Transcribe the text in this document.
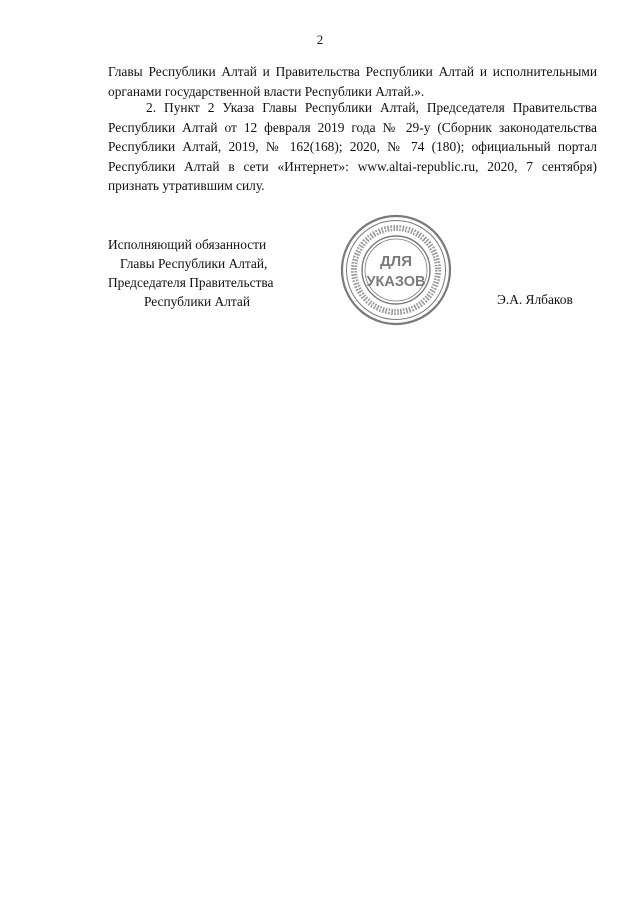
2

Главы Республики Алтай и Правительства Республики Алтай и исполнительными органами государственной власти Республики Алтай.».

2. Пункт 2 Указа Главы Республики Алтай, Председателя Правительства Республики Алтай от 12 февраля 2019 года № 29-у (Сборник законодательства Республики Алтай, 2019, № 162(168); 2020, № 74 (180); официальный портал Республики Алтай в сети «Интернет»: www.altai-republic.ru, 2020, 7 сентября) признать утратившим силу.

Исполняющий обязанности
Главы Республики Алтай,
Председателя Правительства
Республики Алтай
ДЛЯ
УКАЗОВ
Э.А. Ялбаков
